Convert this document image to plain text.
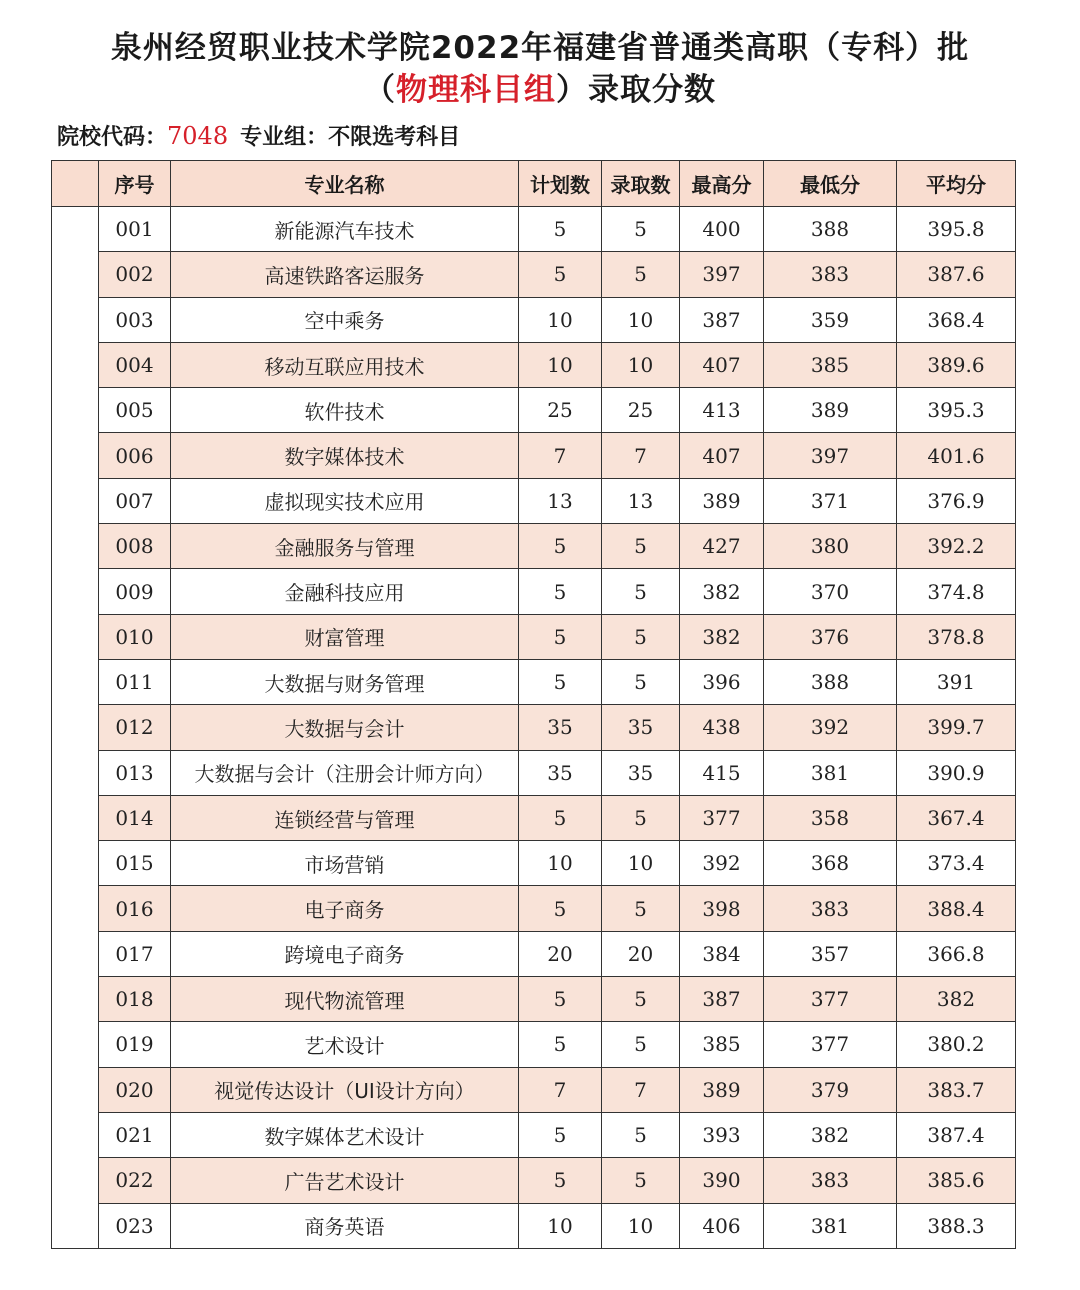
泉州经贸职业技术学院2022年福建省普通类高职（专科）批
（物理科目组）录取分数
院校代码：7048 专业组：不限选考科目
	序号	专业名称	计划数	录取数	最高分	最低分	平均分
	001	新能源汽车技术	5	5	400	388	395.8
	002	高速铁路客运服务	5	5	397	383	387.6
	003	空中乘务	10	10	387	359	368.4
	004	移动互联应用技术	10	10	407	385	389.6
	005	软件技术	25	25	413	389	395.3
	006	数字媒体技术	7	7	407	397	401.6
	007	虚拟现实技术应用	13	13	389	371	376.9
	008	金融服务与管理	5	5	427	380	392.2
	009	金融科技应用	5	5	382	370	374.8
	010	财富管理	5	5	382	376	378.8
	011	大数据与财务管理	5	5	396	388	391
	012	大数据与会计	35	35	438	392	399.7
	013	大数据与会计（注册会计师方向）	35	35	415	381	390.9
	014	连锁经营与管理	5	5	377	358	367.4
	015	市场营销	10	10	392	368	373.4
	016	电子商务	5	5	398	383	388.4
	017	跨境电子商务	20	20	384	357	366.8
	018	现代物流管理	5	5	387	377	382
	019	艺术设计	5	5	385	377	380.2
	020	视觉传达设计（UI设计方向）	7	7	389	379	383.7
	021	数字媒体艺术设计	5	5	393	382	387.4
	022	广告艺术设计	5	5	390	383	385.6
	023	商务英语	10	10	406	381	388.3
